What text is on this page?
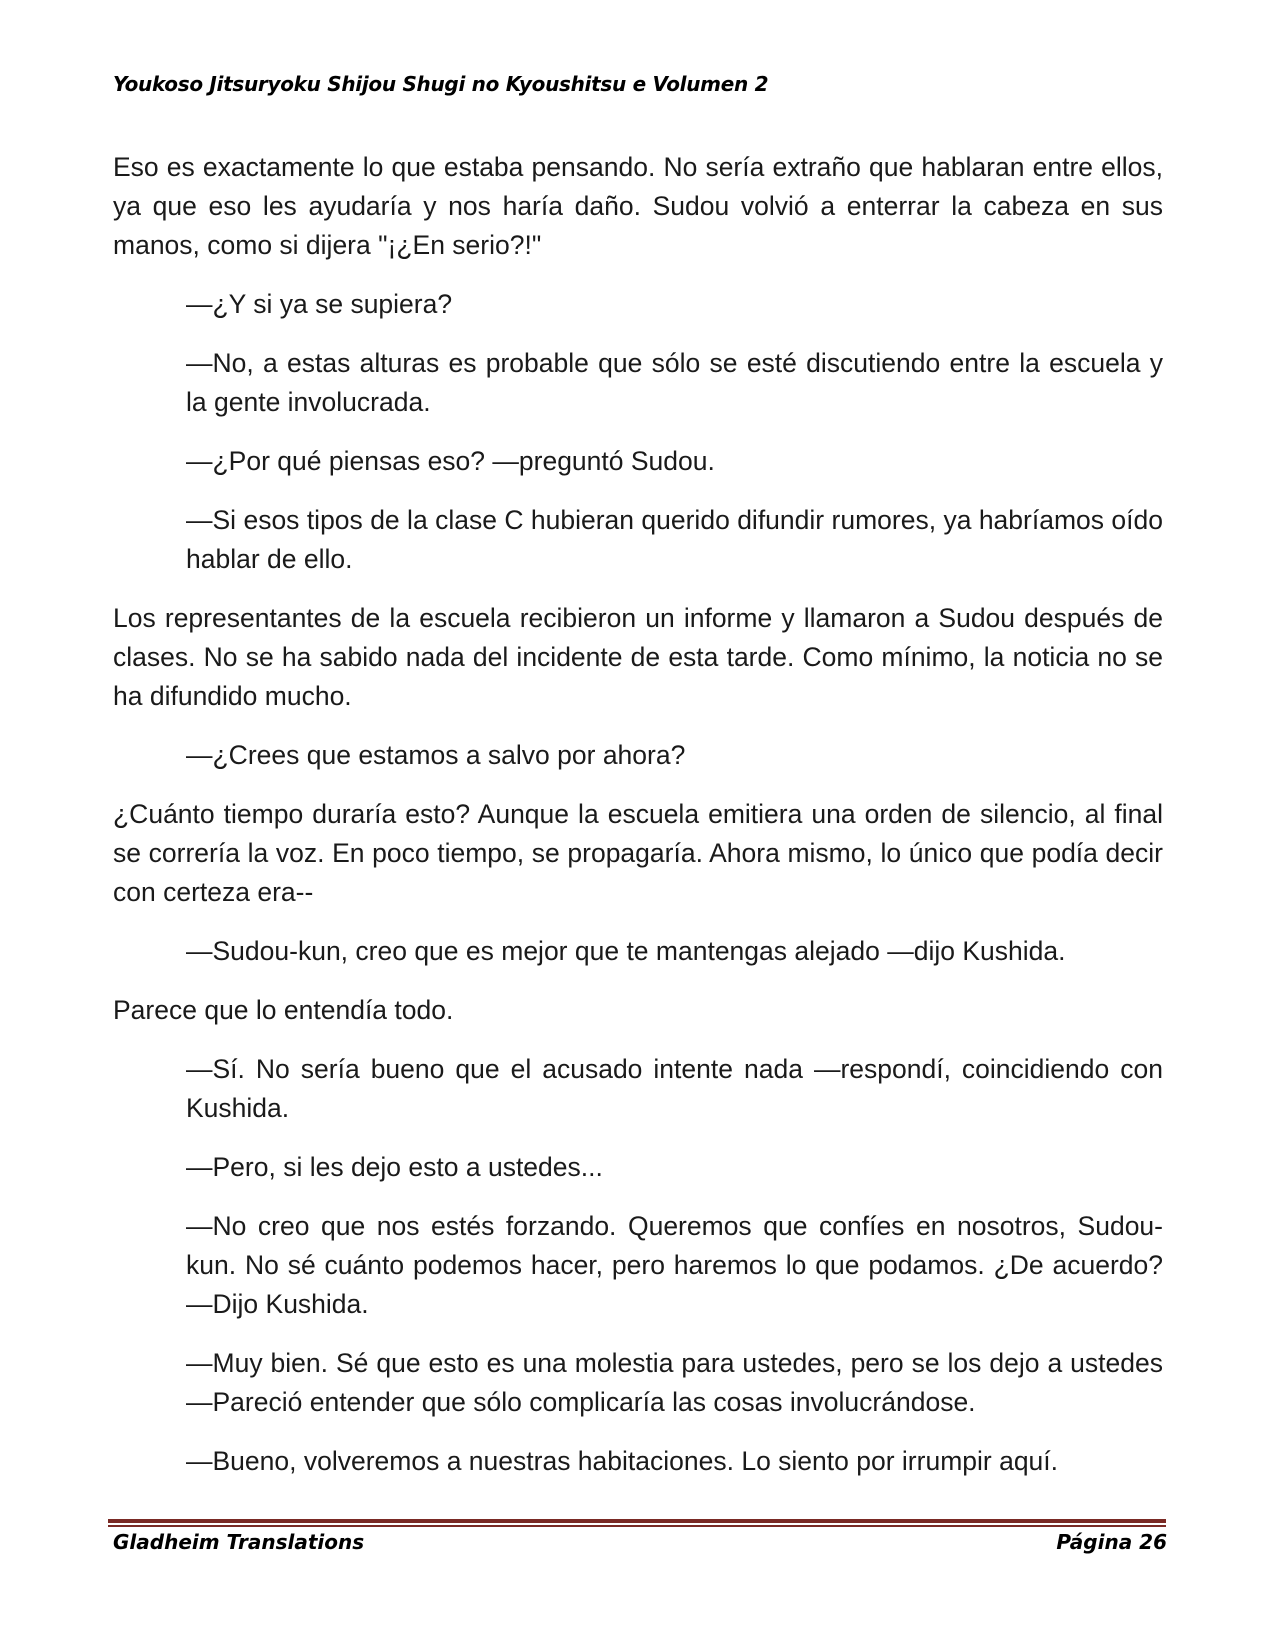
Youkoso Jitsuryoku Shijou Shugi no Kyoushitsu e Volumen 2

Eso es exactamente lo que estaba pensando. No sería extraño que hablaran entre ellos, ya que eso les ayudaría y nos haría daño. Sudou volvió a enterrar la cabeza en sus manos, como si dijera "¡¿En serio?!"

—¿Y si ya se supiera?

—No, a estas alturas es probable que sólo se esté discutiendo entre la escuela y la gente involucrada.

—¿Por qué piensas eso? —preguntó Sudou.

—Si esos tipos de la clase C hubieran querido difundir rumores, ya habríamos oído hablar de ello.

Los representantes de la escuela recibieron un informe y llamaron a Sudou después de clases. No se ha sabido nada del incidente de esta tarde. Como mínimo, la noticia no se ha difundido mucho.

—¿Crees que estamos a salvo por ahora?

¿Cuánto tiempo duraría esto? Aunque la escuela emitiera una orden de silencio, al final se correría la voz. En poco tiempo, se propagaría. Ahora mismo, lo único que podía decir con certeza era--

—Sudou-kun, creo que es mejor que te mantengas alejado —dijo Kushida.

Parece que lo entendía todo.

—Sí. No sería bueno que el acusado intente nada —respondí, coincidiendo con Kushida.

—Pero, si les dejo esto a ustedes...

—No creo que nos estés forzando. Queremos que confíes en nosotros, Sudou-kun. No sé cuánto podemos hacer, pero haremos lo que podamos. ¿De acuerdo? —Dijo Kushida.

—Muy bien. Sé que esto es una molestia para ustedes, pero se los dejo a ustedes —Pareció entender que sólo complicaría las cosas involucrándose.

—Bueno, volveremos a nuestras habitaciones. Lo siento por irrumpir aquí.

Gladheim Translations	Página 26
